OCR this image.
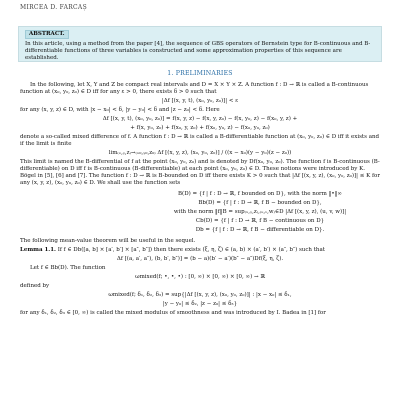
MIRCEA D. FARCAȘ
ABSTRACT.
In this article, using a method from the paper [4], the sequence of GBS operators of Bernstein type for B-continuous and B-differentiable functions of three variables is constructed and some approximation properties of this sequence are established.
1. PRELIMINARIES

In the following, let X, Y and Z be compact real intervals and D = X × Y × Z. A function f : D → ℝ is called a B-continuous function at (x₀, y₀, z₀) ∈ D iff for any ε > 0, there exists δ > 0 such that

|Δf [(x, y, t), (x₀, y₀, z₀)]| < ε

for any (x, y, z) ∈ D, with |x − x₀| < δ, |y − y₀| < δ and |z − z₀| < δ. Here

Δf [(x, y, t), (x₀, y₀, z₀)] = f(x, y, z) − f(x, y, z₀) − f(x, y₀, z) − f(x₀, y, z) +
+ f(x, y₀, z₀) + f(x₀, y, z₀) + f(x₀, y₀, z) − f(x₀, y₀, z₀)

denote a so-called mixed difference of f. A function f : D → ℝ is called a B-differentiable function at (x₀, y₀, z₀) ∈ D iff it exists and if the limit is finite

lim₍ₓ,ᵧ,z₎→₍ₓ₀,ᵧ₀,z₀₎ Δf [(x, y, z), (x₀, y₀, z₀)] / ((x − x₀)(y − y₀)(z − z₀))

This limit is named the B-differential of f at the point (x₀, y₀, z₀) and is denoted by Df(x₀, y₀, z₀). The function f is B-continuous (B-differentiable) on D iff f is B-continuous (B-differentiable) at each point (x₀, y₀, z₀) ∈ D. These notions were introduced by K. Bögel in [5], [6] and [7]. The function f : D → ℝ is B-bounded on D iff there exists K > 0 such that |Δf [(x, y, z), (x₀, y₀, z₀)]| ≤ K for any (x, y, z), (x₀, y₀, z₀) ∈ D. We shall use the function sets

B(D) = {f | f : D → ℝ, f bounded on D}, with the norm ‖•‖∞
Bb(D) = {f | f : D → ℝ, f B − bounded on D},
with the norm ‖f‖B = sup₍ₓ,ᵧ,z₎,₍ᵤ,ᵥ,w₎∈D |Δf [(x, y, z), (u, v, w)]|
Cb(D) = {f | f : D → ℝ, f B − continuous on D}
Db = {f | f : D → ℝ, f B − differentiable on D}.

The following mean-value theorem will be useful in the sequel.

Lemma 1.1. If f ∈ Db([a, b] × [a′, b′] × [a″, b″]) then there exists (ξ, η, ζ) ∈ (a, b) × (a′, b′) × (a″, b″) such that
Δf [(a, a′, a″), (b, b′, b″)] = (b − a)(b′ − a′)(b″ − a″)Df(ξ, η, ζ).

Let f ∈ Bb(D). The function

ωmixed(f; •, •, •) : [0, ∞) × [0, ∞) × [0, ∞) → ℝ

defined by

ωmixed(f; δ₁, δ₂, δ₃) = sup{|Δf [(x, y, z), (x₀, y₀, z₀)]| : |x − x₀| ≤ δ₁,
|y − y₀| ≤ δ₂, |z − z₀| ≤ δ₃}

for any δ₁, δ₂, δ₃ ∈ [0, ∞) is called the mixed modulus of smoothness and was introduced by I. Badea in [1] for
